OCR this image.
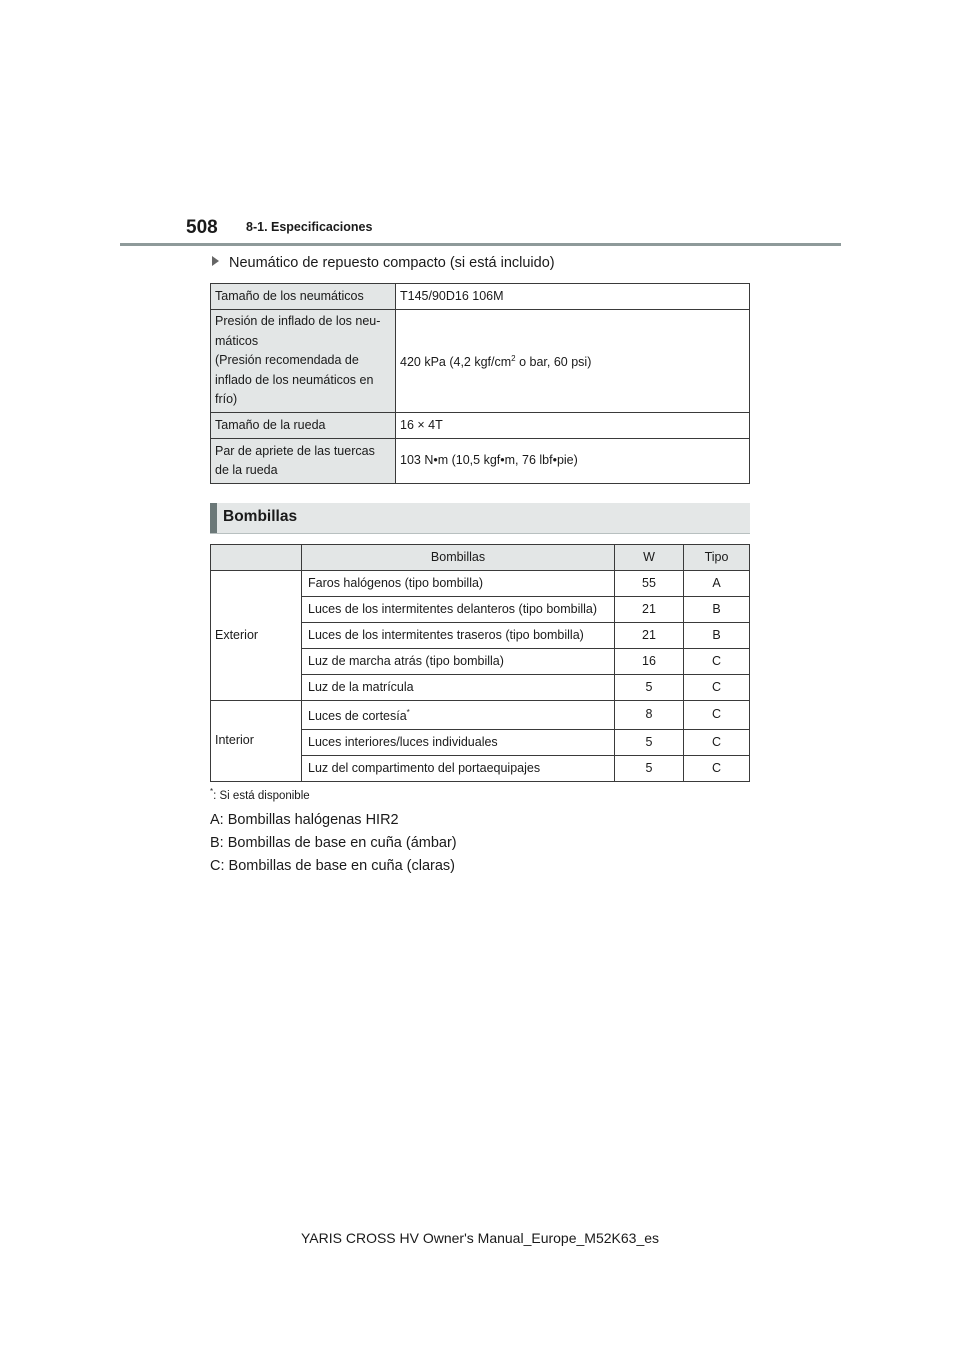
508 8-1. Especificaciones
Neumático de repuesto compacto (si está incluido)
Tamaño de los neumáticos	T145/90D16 106M

Presión de inflado de los neu-
máticos
(Presión recomendada de
inflado de los neumáticos en
frío)	420 kPa (4,2 kgf/$cm^2$ o bar, 60 psi)
Tamaño de la rueda	16 × 4T

Par de apriete de las tuercas
de la rueda	103 N•m (10,5 kgf•m, 76 lbf•pie)
Bombillas
	Bombillas	W	Tipo
Exterior	Faros halógenos (tipo bombilla)	55	A
	Luces de los intermitentes delanteros (tipo bombilla)	21	B
	Luces de los intermitentes traseros (tipo bombilla)	21	B
	Luz de marcha atrás (tipo bombilla)	16	C
	Luz de la matrícula	5	C
Interior	Luces de cortesía*	8	C
	Luces interiores/luces individuales	5	C
	Luz del compartimento del portaequipajes	5	C
*: Si está disponible
A: Bombillas halógenas HIR2
B: Bombillas de base en cuña (ámbar)
C: Bombillas de base en cuña (claras)
YARIS CROSS HV Owner's Manual_Europe_M52K63_es
